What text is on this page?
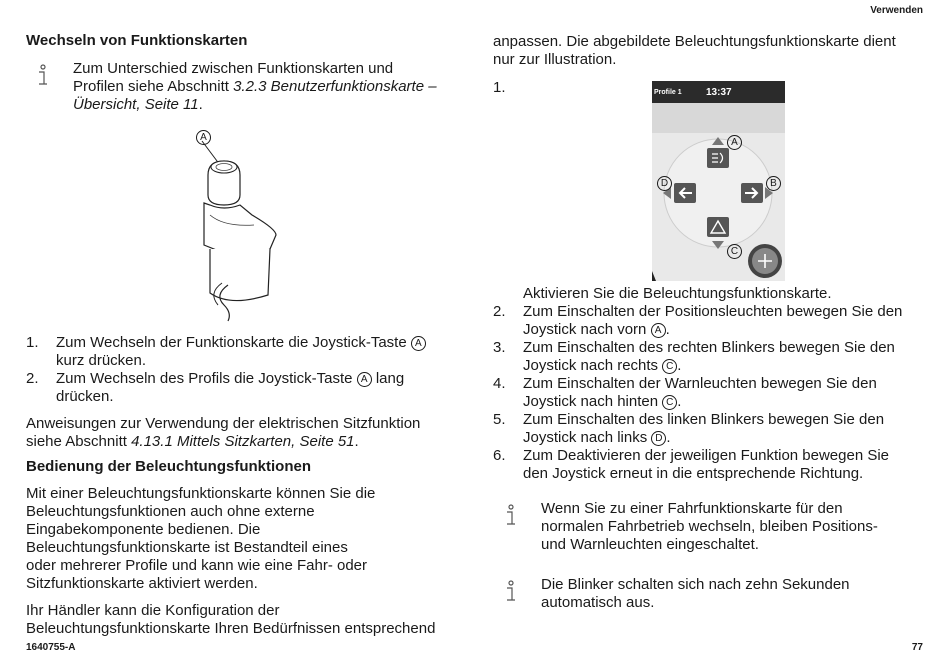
Verwenden
1640755-A	77
Wechseln von Funktionskarten
Zum Unterschied zwischen Funktionskarten und Profilen siehe Abschnitt 3.2.3 Benutzerfunktionskarte – Übersicht, Seite 11.
A
1. Zum Wechseln der Funktionskarte die Joystick-Taste A kurz drücken.
2. Zum Wechseln des Profils die Joystick-Taste A lang drücken.
Anweisungen zur Verwendung der elektrischen Sitzfunktion siehe Abschnitt 4.13.1 Mittels Sitzkarten, Seite 51.
Bedienung der Beleuchtungsfunktionen
Mit einer Beleuchtungsfunktionskarte können Sie die Beleuchtungsfunktionen auch ohne externe Eingabekomponente bedienen. Die Beleuchtungsfunktionskarte ist Bestandteil eines oder mehrerer Profile und kann wie eine Fahr- oder Sitzfunktionskarte aktiviert werden.
Ihr Händler kann die Konfiguration der Beleuchtungsfunktionskarte Ihren Bedürfnissen entsprechend
anpassen. Die abgebildete Beleuchtungsfunktionskarte dient nur zur Illustration.
1.	Profile 1 13:37
A
B
C
D
Aktivieren Sie die Beleuchtungsfunktionskarte.
2. Zum Einschalten der Positionsleuchten bewegen Sie den Joystick nach vorn A .
3. Zum Einschalten des rechten Blinkers bewegen Sie den Joystick nach rechts C .
4. Zum Einschalten der Warnleuchten bewegen Sie den Joystick nach hinten C .
5. Zum Einschalten des linken Blinkers bewegen Sie den Joystick nach links D .
6. Zum Deaktivieren der jeweiligen Funktion bewegen Sie den Joystick erneut in die entsprechende Richtung.
Wenn Sie zu einer Fahrfunktionskarte für den normalen Fahrbetrieb wechseln, bleiben Positions- und Warnleuchten eingeschaltet.
Die Blinker schalten sich nach zehn Sekunden automatisch aus.
